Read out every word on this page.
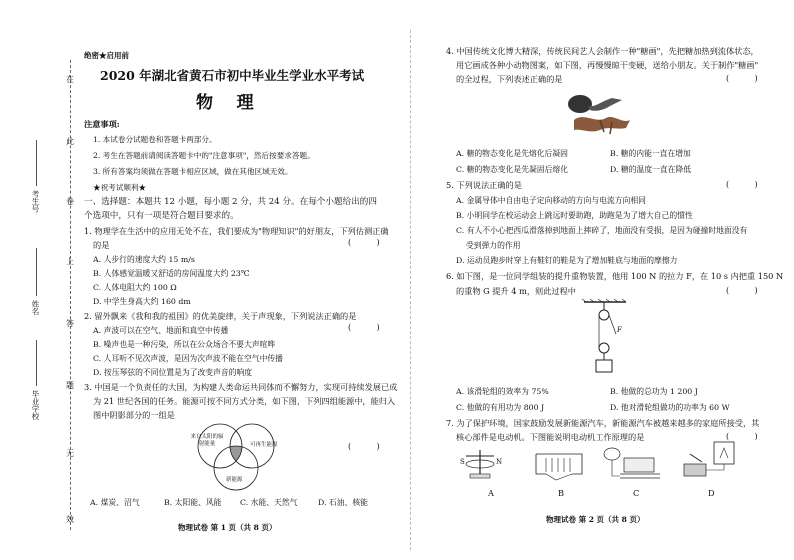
在
此
卷
上
答
题
无
效
考生号
姓名
毕业学校
绝密★启用前
2020 年湖北省黄石市初中毕业生学业水平考试
物    理
注意事项:
1. 本试卷分试题卷和答题卡两部分。
2. 考生在答题前请阅读答题卡中的"注意事项"，然后按要求答题。
3. 所有答案均须做在答题卡相应区域，做在其他区域无效。
★祝考试顺利★
一、选择题：本题共 12 小题，每小题 2 分，共 24 分。在每个小题给出的四
个选项中，只有一项是符合题目要求的。
1. 物理学在生活中的应用无处不在，我们要成为"物理知识"的好朋友，下列估测正确
的是	(          )
A. 人步行的速度大约 15 m/s
B. 人体感觉温暖又舒适的房间温度大约 23℃
C. 人体电阻大约 100 Ω
D. 中学生身高大约 160 dm
2. 留外飘来《我和我的祖国》的优美旋律，关于声现象，下列说法正确的是
(          )
A. 声波可以在空气、地面和真空中传播
B. 噪声也是一种污染，所以在公众场合不要大声喧哗
C. 人耳听不见次声波，是因为次声波不能在空气中传播
D. 按压琴弦的不同位置是为了改变声音的响度
3. 中国是一个负责任的大国，为构建人类命运共同体而不懈努力，实现可持续发展已成
为 21 世纪各国的任务。能源可按不同方式分类，如下图，下列四组能源中，能归入
图中阴影部分的一组是
(          )
来自太阳的辐射能量	可再生能源
新能源
A. 煤炭、沼气	B. 太阳能、风能 C. 水能、天然气	D. 石油、核能
物理试卷 第 1 页（共 8 页）
4. 中国传统文化博大精深，传统民间艺人会制作一种"糖画"，先把糖加热到流体状态，
用它画成各种小动物图案，如下图，再慢慢晾干变硬，送给小朋友。关于制作"糖画"
的全过程，下列表述正确的是	(          )
A. 糖的物态变化是先熔化后凝固	B. 糖的内能一直在增加
C. 糖的物态变化是先凝固后熔化	D. 糖的温度一直在降低
5. 下列说法正确的是	(          )
A. 金属导体中自由电子定向移动的方向与电流方向相同
B. 小明同学在校运动会上跳远时要助跑，助跑是为了增大自己的惯性
C. 有人不小心把西瓜滑落掉到地面上摔碎了，地面没有受损，是因为碰撞时地面没有
受到弹力的作用
D. 运动员跑步时穿上有鞋钉的鞋是为了增加鞋底与地面的摩擦力
6. 如下图，是一位同学组装的提升重物装置，他用 100 N 的拉力 F，在 10 s 内把重 150 N
的重物 G 提升 4 m，则此过程中	(          )
F
A. 该滑轮组的效率为 75%	B. 他做的总功为 1 200 J
C. 他做的有用功为 800 J	D. 他对滑轮组做功的功率为 60 W
7. 为了保护环境，国家鼓励发展新能源汽车，新能源汽车被越来越多的家庭所接受，其
核心部件是电动机。下图能说明电动机工作原理的是	(          )
S	N
A	B	C	D
物理试卷 第 2 页（共 8 页）
